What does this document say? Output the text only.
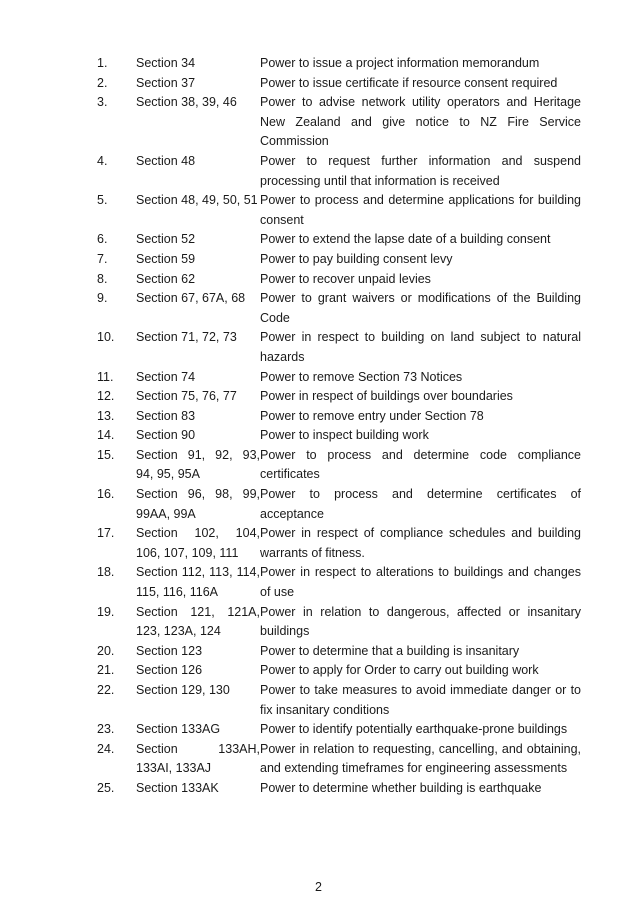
1.	Section 34	Power to issue a project information memorandum
2.	Section 37	Power to issue certificate if resource consent required
3.	Section 38, 39, 46	Power to advise network utility operators and Heritage New Zealand and give notice to NZ Fire Service Commission
4.	Section 48	Power to request further information and suspend processing until that information is received
5.	Section 48, 49, 50, 51	Power to process and determine applications for building consent
6.	Section 52	Power to extend the lapse date of a building consent
7.	Section 59	Power to pay building consent levy
8.	Section 62	Power to recover unpaid levies
9.	Section 67, 67A, 68	Power to grant waivers or modifications of the Building Code
10.	Section 71, 72, 73	Power in respect to building on land subject to natural hazards
11.	Section 74	Power to remove Section 73 Notices
12.	Section 75, 76, 77	Power in respect of buildings over boundaries
13.	Section 83	Power to remove entry under Section 78
14.	Section 90	Power to inspect building work
15.	Section 91, 92, 93, 94, 95, 95A	Power to process and determine code compliance certificates
16.	Section 96, 98, 99, 99AA, 99A	Power to process and determine certificates of acceptance
17.	Section 102, 104, 106, 107, 109, 111	Power in respect of compliance schedules and building warrants of fitness.
18.	Section 112, 113, 114, 115, 116, 116A	Power in respect to alterations to buildings and changes of use
19.	Section 121, 121A, 123, 123A, 124	Power in relation to dangerous, affected or insanitary buildings
20.	Section 123	Power to determine that a building is insanitary
21.	Section 126	Power to apply for Order to carry out building work
22.	Section 129, 130	Power to take measures to avoid immediate danger or to fix insanitary conditions
23.	Section 133AG	Power to identify potentially earthquake-prone buildings
24.	Section 133AH, 133AI, 133AJ	Power in relation to requesting, cancelling, and obtaining, and extending timeframes for engineering assessments
25.	Section 133AK	Power to determine whether building is earthquake
2
